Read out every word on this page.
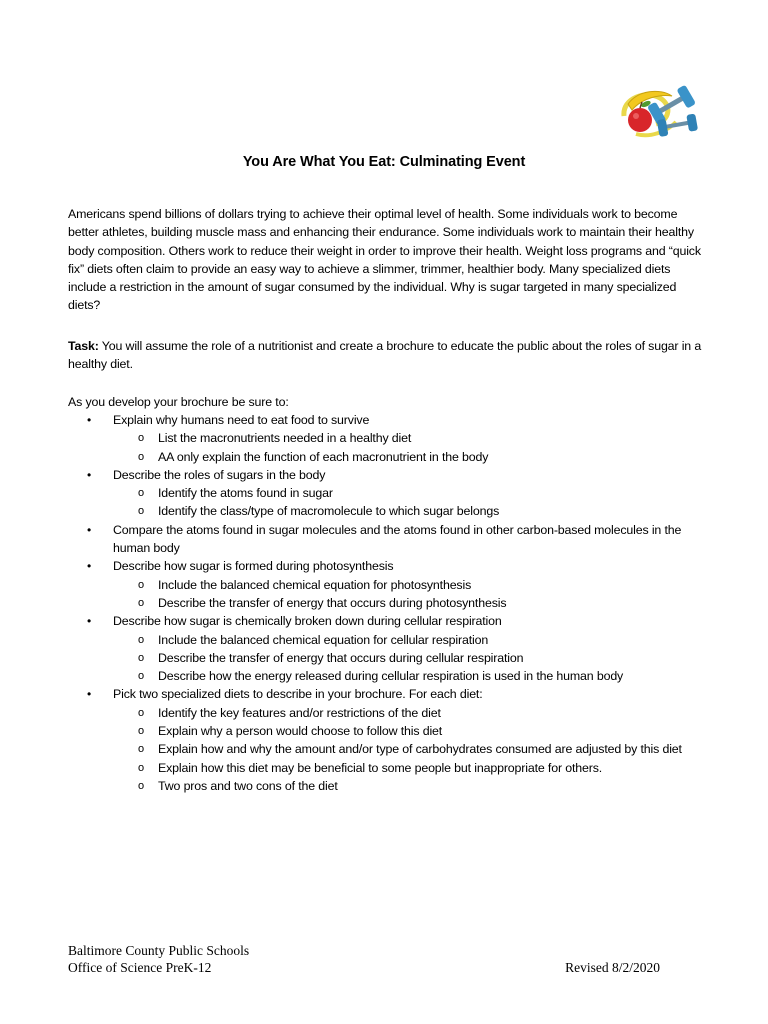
You Are What You Eat: Culminating Event
Americans spend billions of dollars trying to achieve their optimal level of health. Some individuals work to become better athletes, building muscle mass and enhancing their endurance. Some individuals work to maintain their healthy body composition. Others work to reduce their weight in order to improve their health. Weight loss programs and “quick fix” diets often claim to provide an easy way to achieve a slimmer, trimmer, healthier body. Many specialized diets include a restriction in the amount of sugar consumed by the individual. Why is sugar targeted in many specialized diets?
Task: You will assume the role of a nutritionist and create a brochure to educate the public about the roles of sugar in a healthy diet.
As you develop your brochure be sure to:
• Explain why humans need to eat food to survive
o List the macronutrients needed in a healthy diet
o AA only explain the function of each macronutrient in the body
• Describe the roles of sugars in the body
o Identify the atoms found in sugar
o Identify the class/type of macromolecule to which sugar belongs
• Compare the atoms found in sugar molecules and the atoms found in other carbon-based molecules in the human body
• Describe how sugar is formed during photosynthesis
o Include the balanced chemical equation for photosynthesis
o Describe the transfer of energy that occurs during photosynthesis
• Describe how sugar is chemically broken down during cellular respiration
o Include the balanced chemical equation for cellular respiration
o Describe the transfer of energy that occurs during cellular respiration
o Describe how the energy released during cellular respiration is used in the human body
• Pick two specialized diets to describe in your brochure. For each diet:
o Identify the key features and/or restrictions of the diet
o Explain why a person would choose to follow this diet
o Explain how and why the amount and/or type of carbohydrates consumed are adjusted by this diet
o Explain how this diet may be beneficial to some people but inappropriate for others.
o Two pros and two cons of the diet
Baltimore County Public Schools
Office of Science PreK-12	Revised 8/2/2020
